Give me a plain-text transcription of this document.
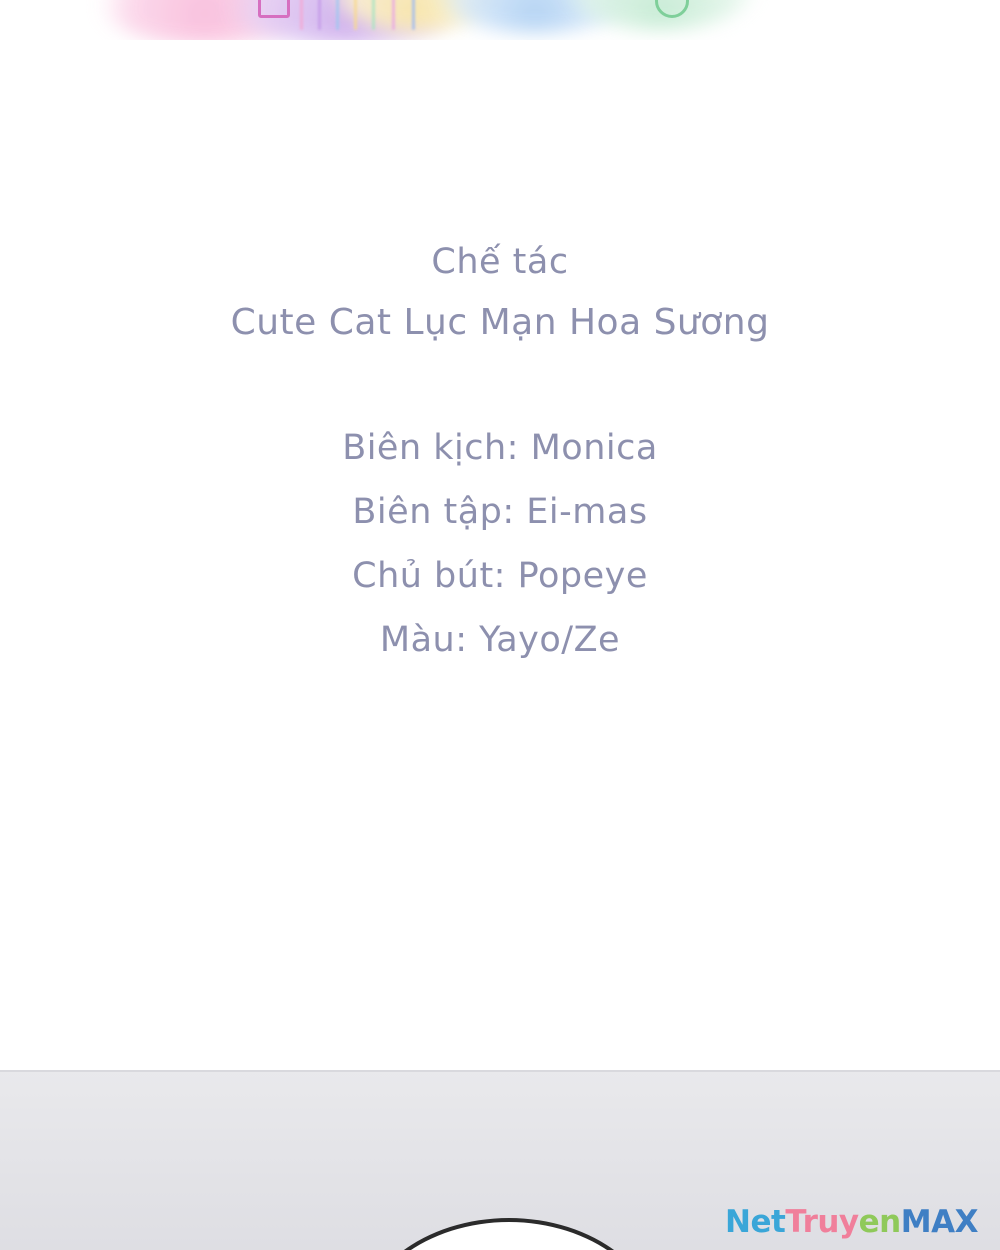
Chế tác
Cute Cat Lục Mạn Hoa Sương
Biên kịch: Monica
Biên tập: Ei-mas
Chủ bút: Popeye
Màu: Yayo/Ze
NetTruyenMAX
